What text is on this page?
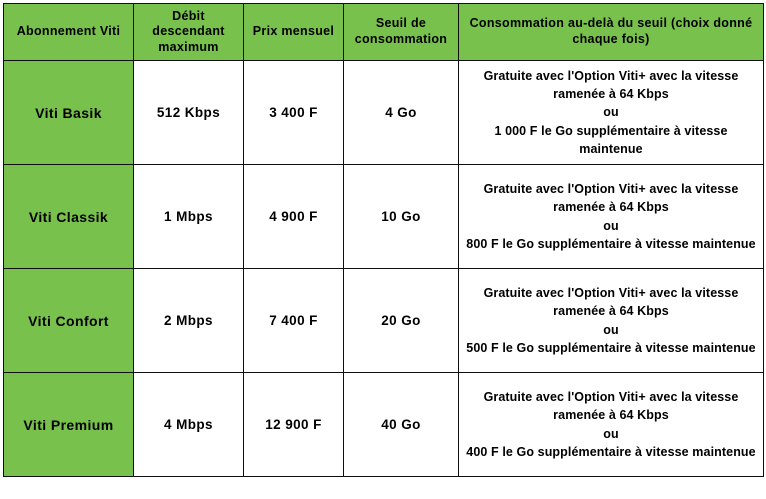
Abonnement Viti	Débit descendant maximum	Prix mensuel	Seuil de consommation	Consommation au-delà du seuil (choix donné chaque fois)
Viti Basik	512 Kbps	3 400 F	4 Go	Gratuite avec l'Option Viti+ avec la vitesse ramenée à 64 Kbps
ou
1 000 F le Go supplémentaire à vitesse maintenue

Viti Classik	1 Mbps	4 900 F	10 Go	Gratuite avec l'Option Viti+ avec la vitesse ramenée à 64 Kbps
ou
800 F le Go supplémentaire à vitesse maintenue

Viti Confort	2 Mbps	7 400 F	20 Go	Gratuite avec l'Option Viti+ avec la vitesse ramenée à 64 Kbps
ou
500 F le Go supplémentaire à vitesse maintenue

Viti Premium	4 Mbps	12 900 F	40 Go	Gratuite avec l'Option Viti+ avec la vitesse ramenée à 64 Kbps
ou
400 F le Go supplémentaire à vitesse maintenue
